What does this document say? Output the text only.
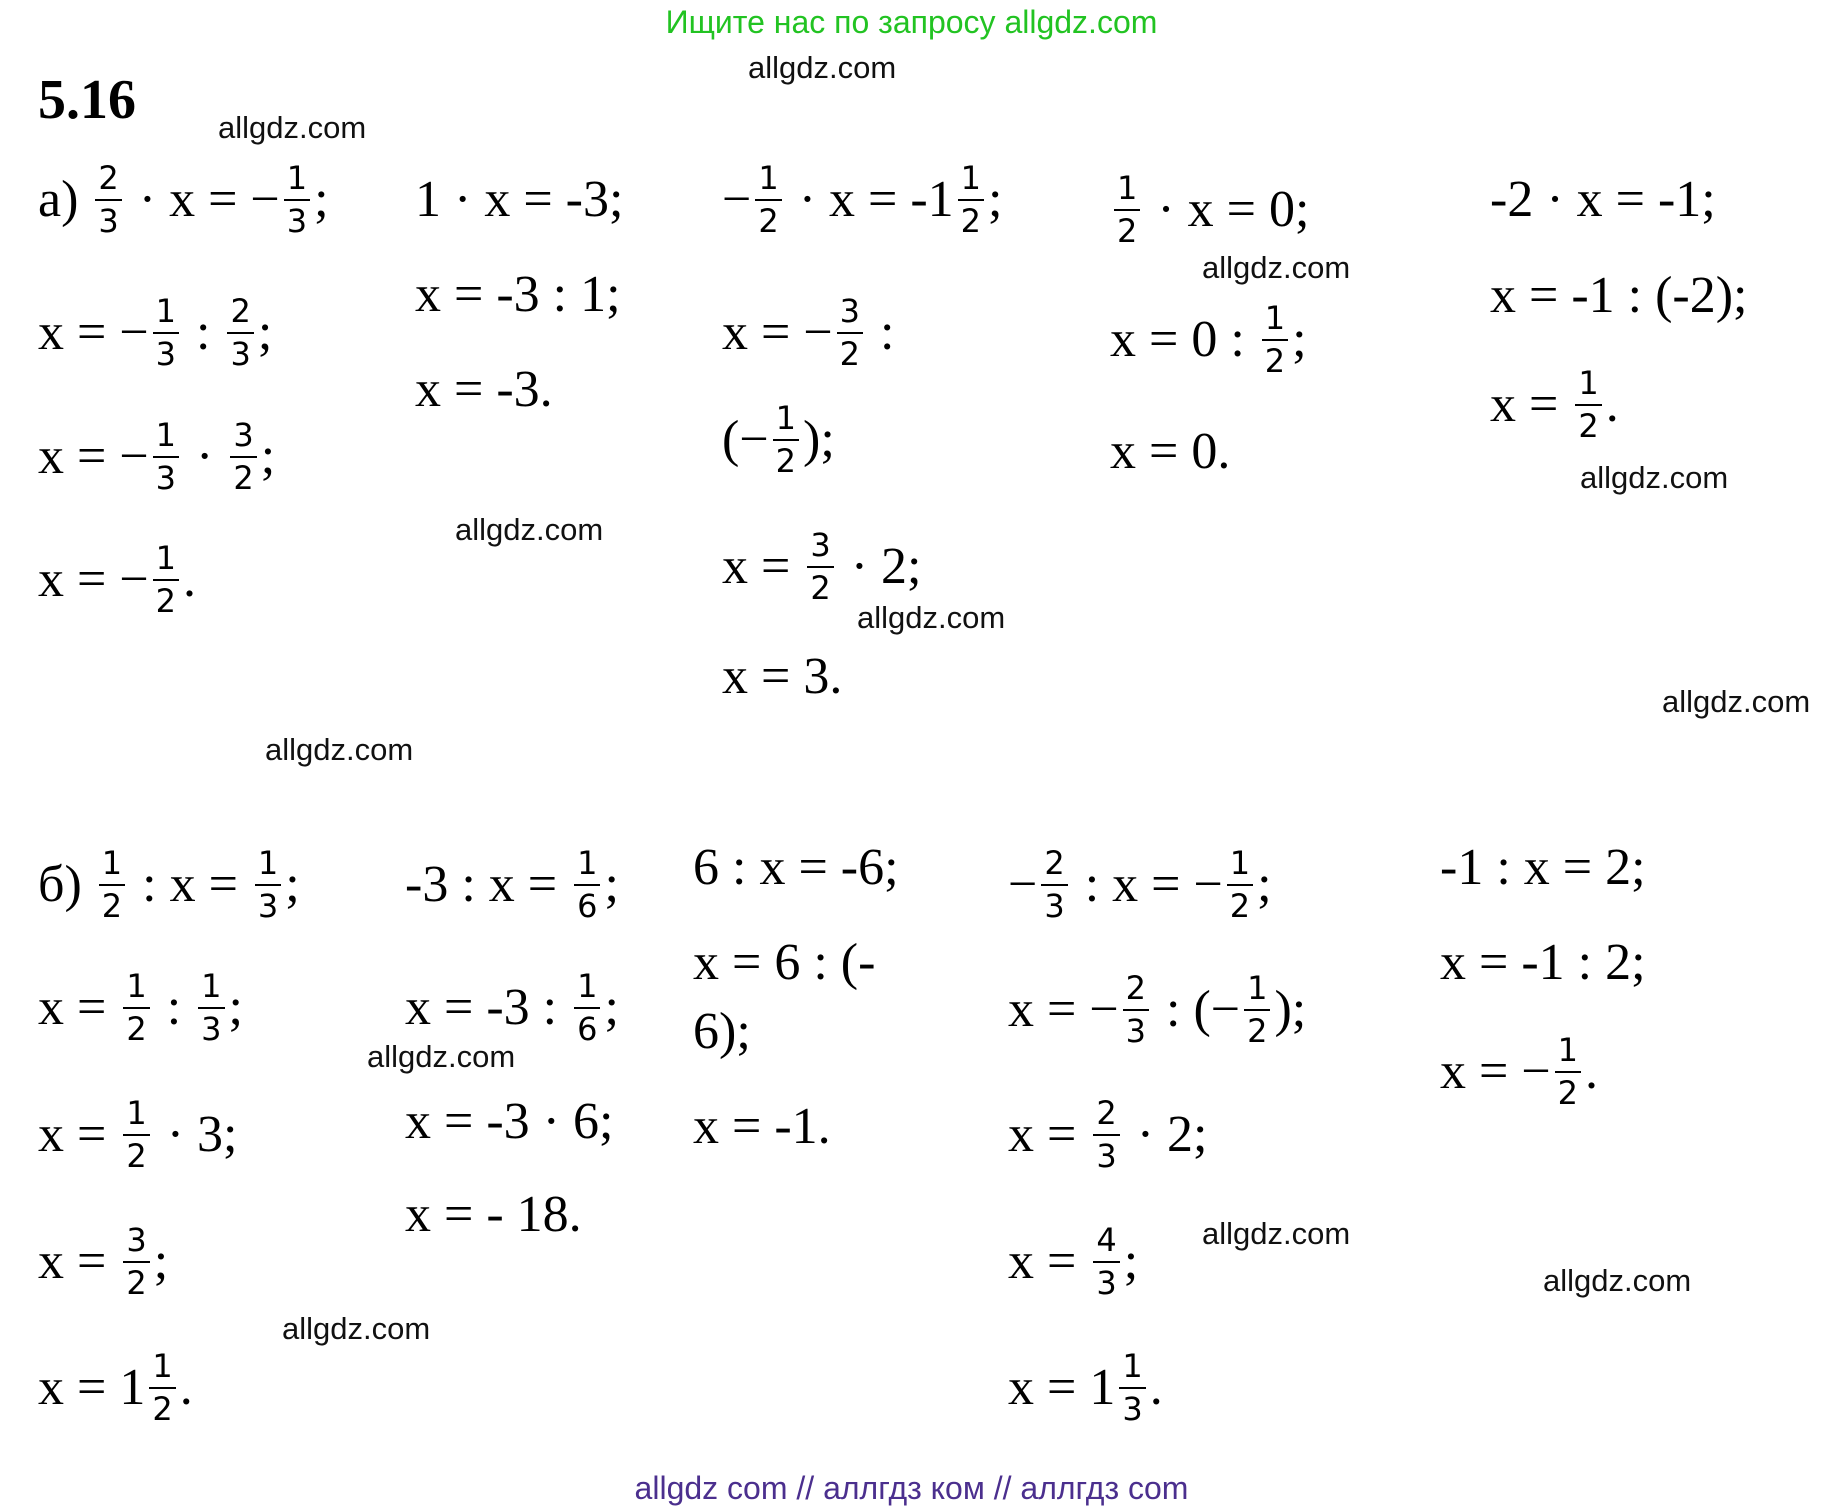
Ищите нас по запросу allgdz.com
5.16
$а) \frac{2}{3} \cdot x$ = − $\frac{1}{3}$ ;
x = − $\frac{1}{3}$ : $\frac{2}{3}$ ;
x = − $\frac{1}{3} \cdot \frac{3}{2}$ ;
x = − $\frac{1}{2}$ .
1 · x = -3;
x = -3 : 1;
x = -3.
− $\frac{1}{2} \cdot x = -1 \frac{1}{2}$ ;
x = − $\frac{3}{2}$ :
(− $\frac{1}{2}$ );
$x = \frac{3}{2} \cdot 2$;
x = 3.
$\frac{1}{2} \cdot x = 0$;
x = 0 : $\frac{1}{2}$ ;
x = 0.
-2 · x = -1;
x = -1 : (-2);
$x = \frac{1}{2}$ .
$б) \frac{1}{2}$ : $x = \frac{1}{3}$ ;
$x = \frac{1}{2}$ : $\frac{1}{3}$ ;
$x = \frac{1}{2} \cdot 3$;
$x = \frac{3}{2}$ ;
$x = 1 \frac{1}{2}$ .
-3 : $x = \frac{1}{6}$ ;
x = -3 : $\frac{1}{6}$ ;
x = -3 · 6;
x = - 18.
6 : x = -6;
x = 6 : (-
6);
x = -1.
− $\frac{2}{3}$ : x = − $\frac{1}{2}$ ;
x = − $\frac{2}{3}$ : (− $\frac{1}{2}$ );
$x = \frac{2}{3} \cdot 2$;
$x = \frac{4}{3}$ ;
$x = 1 \frac{1}{3}$ .
-1 : x = 2;
x = -1 : 2;
x = − $\frac{1}{2}$ .
allgdz.com
allgdz.com
allgdz.com
allgdz.com
allgdz.com
allgdz.com
allgdz.com
allgdz.com
allgdz.com
allgdz.com
allgdz.com
allgdz.com
allgdz com // аллгдз ком // аллгдз com
